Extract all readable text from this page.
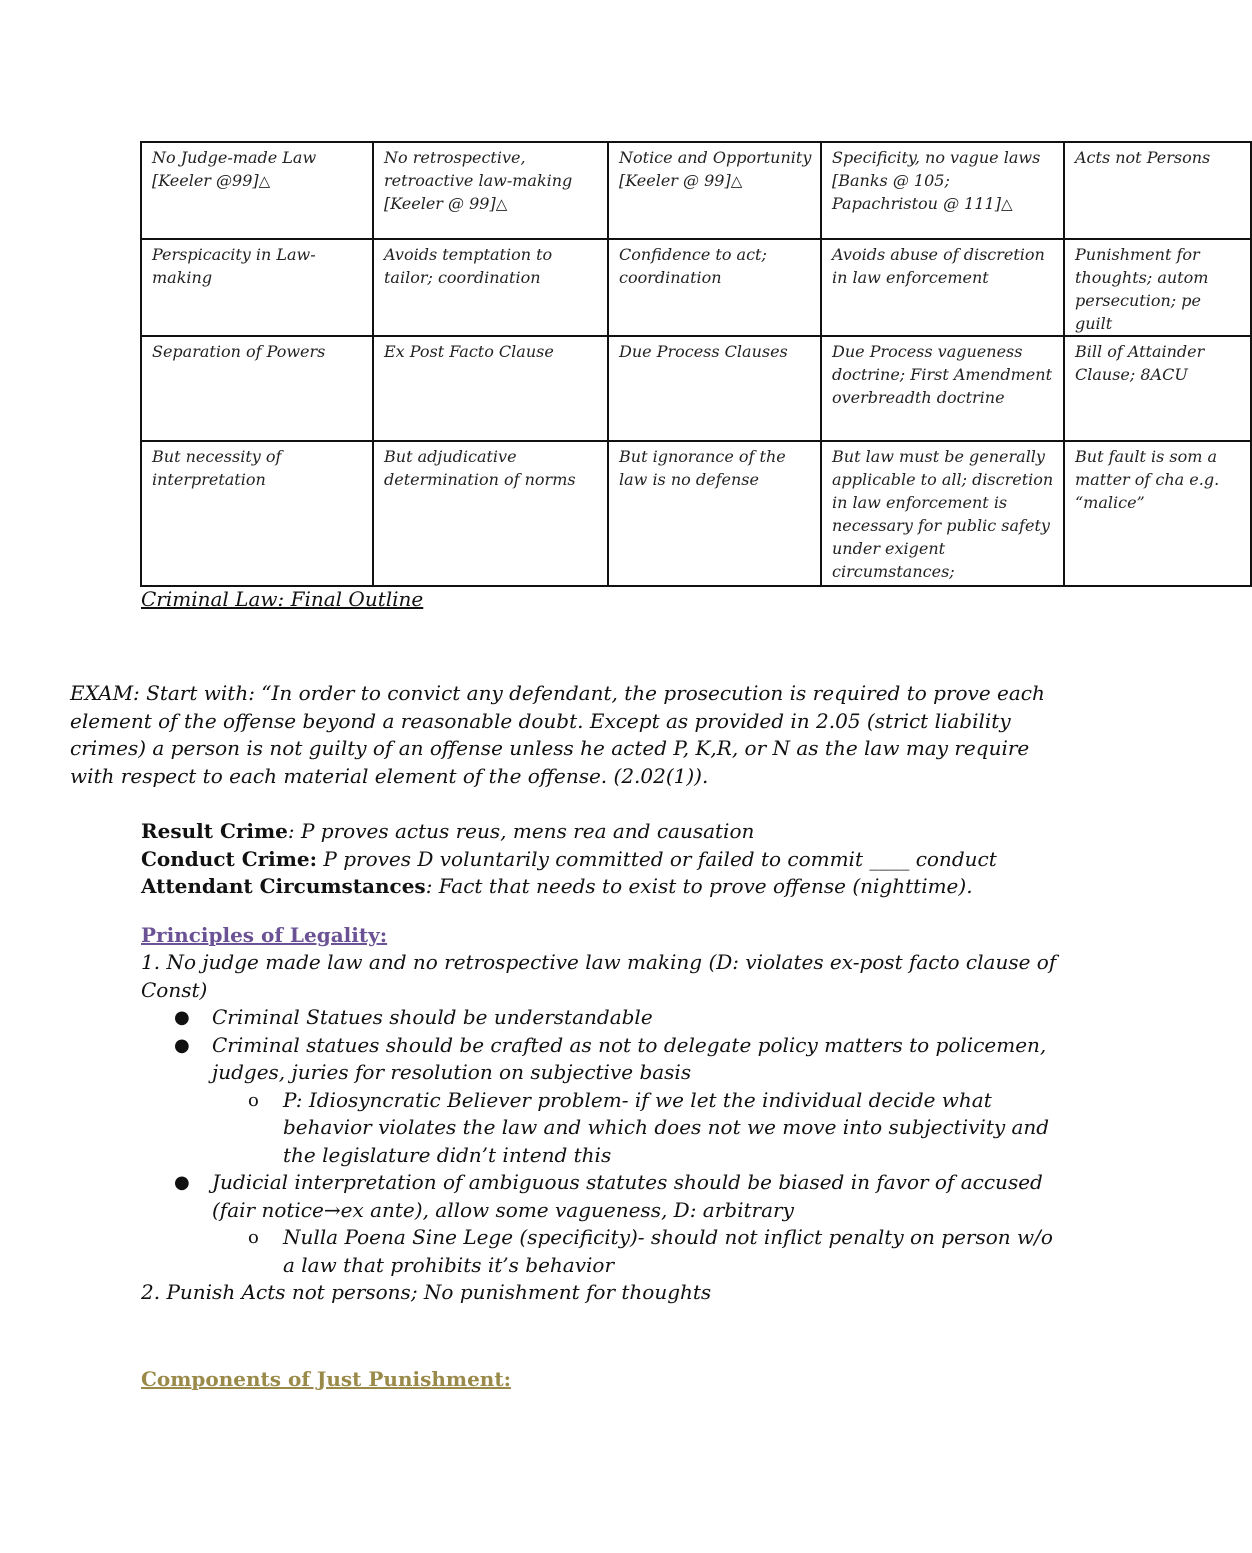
No Judge-made Law [Keeler @99]△	No retrospective, retroactive law-making [Keeler @ 99]△	Notice and Opportunity [Keeler @ 99]△	Specificity, no vague laws [Banks @ 105; Papachristou @ 111]△	Acts not Persons
Perspicacity in Law-making	Avoids temptation to tailor; coordination	Confidence to act; coordination	Avoids abuse of discretion in law enforcement	Punishment for thoughts; autom persecution; pe guilt
Separation of Powers	Ex Post Facto Clause	Due Process Clauses	Due Process vagueness doctrine; First Amendment overbreadth doctrine	Bill of Attainder Clause; 8ACU
But necessity of interpretation	But adjudicative determination of norms	But ignorance of the law is no defense	But law must be generally applicable to all; discretion in law enforcement is necessary for public safety under exigent circumstances;	But fault is som a matter of cha e.g. “malice”
Criminal Law: Final Outline
EXAM: Start with: “In order to convict any defendant, the prosecution is required to prove each element of the offense beyond a reasonable doubt. Except as provided in 2.05 (strict liability crimes) a person is not guilty of an offense unless he acted P, K,R, or N as the law may require with respect to each material element of the offense. (2.02(1)).
Result Crime: P proves actus reus, mens rea and causation
Conduct Crime: P proves D voluntarily committed or failed to commit ____ conduct
Attendant Circumstances: Fact that needs to exist to prove offense (nighttime).
Principles of Legality:

1. No judge made law and no retrospective law making (D: violates ex-post facto clause of Const)

● Criminal Statues should be understandable

● Criminal statues should be crafted as not to delegate policy matters to policemen, judges, juries for resolution on subjective basis

o P: Idiosyncratic Believer problem- if we let the individual decide what behavior violates the law and which does not we move into subjectivity and the legislature didn’t intend this

● Judicial interpretation of ambiguous statutes should be biased in favor of accused (fair notice→ex ante), allow some vagueness, D: arbitrary

o Nulla Poena Sine Lege (specificity)- should not inflict penalty on person w/o a law that prohibits it’s behavior

2. Punish Acts not persons; No punishment for thoughts

Components of Just Punishment:
